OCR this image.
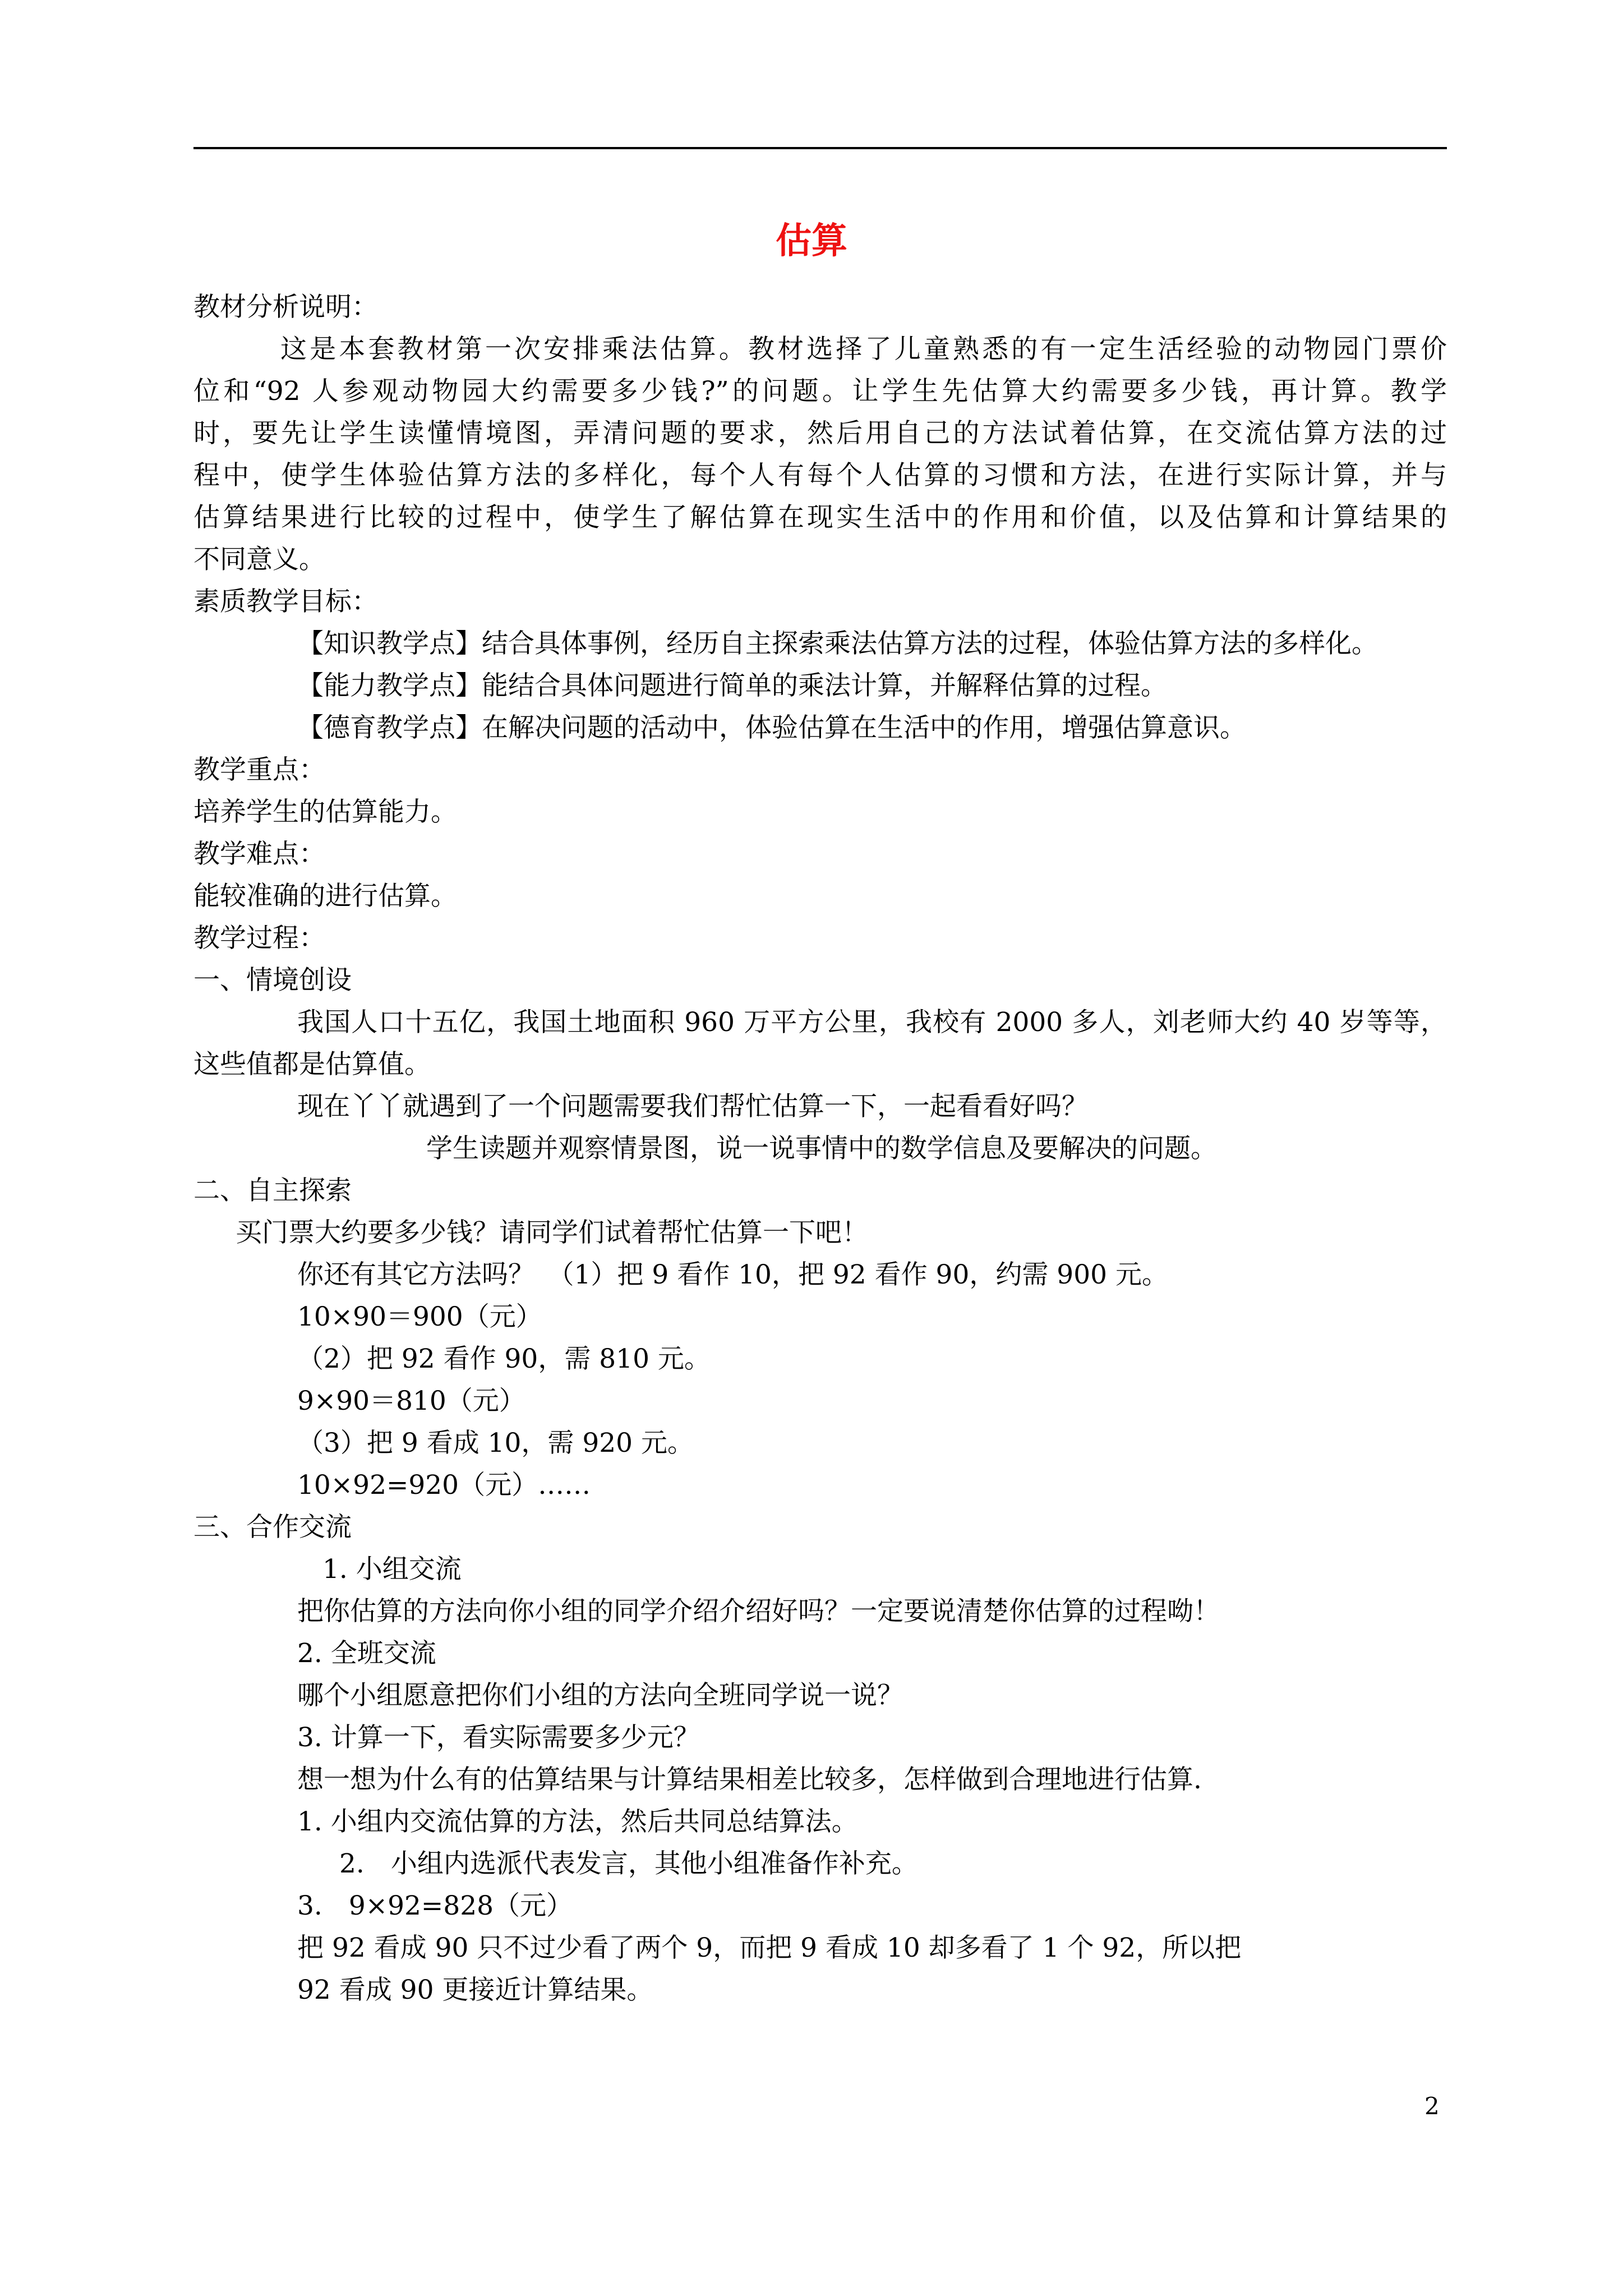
估算
教材分析说明：
这是本套教材第一次安排乘法估算。教材选择了儿童熟悉的有一定生活经验的动物园门票价
位和“92 人参观动物园大约需要多少钱?”的问题。让学生先估算大约需要多少钱，再计算。教学
时，要先让学生读懂情境图，弄清问题的要求，然后用自己的方法试着估算，在交流估算方法的过
程中，使学生体验估算方法的多样化，每个人有每个人估算的习惯和方法，在进行实际计算，并与
估算结果进行比较的过程中，使学生了解估算在现实生活中的作用和价值，以及估算和计算结果的
不同意义。
素质教学目标：
【知识教学点】结合具体事例，经历自主探索乘法估算方法的过程，体验估算方法的多样化。
【能力教学点】能结合具体问题进行简单的乘法计算，并解释估算的过程。
【德育教学点】在解决问题的活动中，体验估算在生活中的作用，增强估算意识。
教学重点：
培养学生的估算能力。
教学难点：
能较准确的进行估算。
教学过程：
一、情境创设
我国人口十五亿，我国土地面积 960 万平方公里，我校有 2000 多人，刘老师大约 40 岁等等，
这些值都是估算值。
现在丫丫就遇到了一个问题需要我们帮忙估算一下，一起看看好吗？
学生读题并观察情景图，说一说事情中的数学信息及要解决的问题。
二、自主探索
买门票大约要多少钱？请同学们试着帮忙估算一下吧！
你还有其它方法吗？　（1）把 9 看作 10，把 92 看作 90，约需 900 元。
10×90＝900（元）
（2）把 92 看作 90，需 810 元。
9×90＝810（元）
（3）把 9 看成 10，需 920 元。
10×92=920（元）……
三、合作交流
1. 小组交流
把你估算的方法向你小组的同学介绍介绍好吗？一定要说清楚你估算的过程呦！
2. 全班交流
哪个小组愿意把你们小组的方法向全班同学说一说？
3. 计算一下，看实际需要多少元？
想一想为什么有的估算结果与计算结果相差比较多，怎样做到合理地进行估算.
1. 小组内交流估算的方法，然后共同总结算法。
2.　小组内选派代表发言，其他小组准备作补充。
3.　9×92=828（元）
把 92 看成 90 只不过少看了两个 9，而把 9 看成 10 却多看了 1 个 92，所以把
92 看成 90 更接近计算结果。
2
